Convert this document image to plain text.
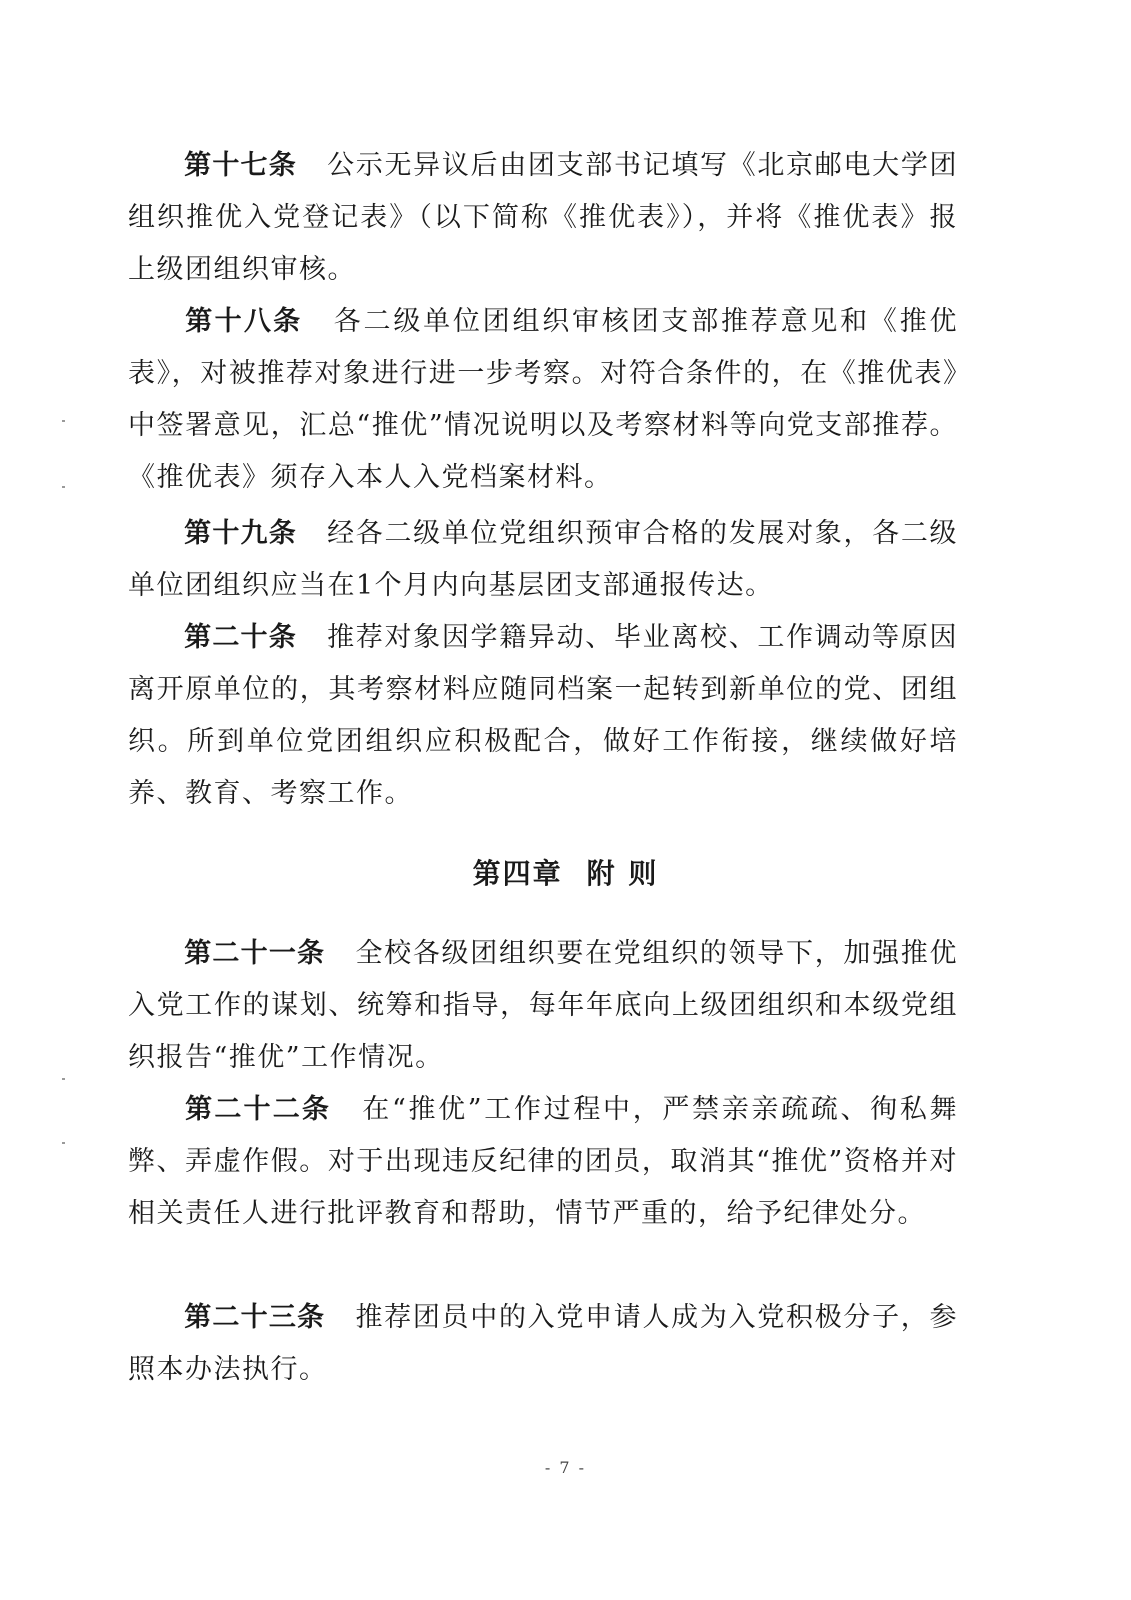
第十七条 公示无异议后由团支部书记填写《北京邮电大学团组织推优入党登记表》（以下简称《推优表》），并将《推优表》报上级团组织审核。

第十八条 各二级单位团组织审核团支部推荐意见和《推优表》，对被推荐对象进行进一步考察。对符合条件的，在《推优表》中签署意见，汇总“推优”情况说明以及考察材料等向党支部推荐。《推优表》须存入本人入党档案材料。

第十九条 经各二级单位党组织预审合格的发展对象，各二级单位团组织应当在1个月内向基层团支部通报传达。

第二十条 推荐对象因学籍异动、毕业离校、工作调动等原因离开原单位的，其考察材料应随同档案一起转到新单位的党、团组织。所到单位党团组织应积极配合，做好工作衔接，继续做好培养、教育、考察工作。

第四章 附 则

第二十一条 全校各级团组织要在党组织的领导下，加强推优入党工作的谋划、统筹和指导，每年年底向上级团组织和本级党组织报告“推优”工作情况。

第二十二条 在“推优”工作过程中，严禁亲亲疏疏、徇私舞弊、弄虚作假。对于出现违反纪律的团员，取消其“推优”资格并对相关责任人进行批评教育和帮助，情节严重的，给予纪律处分。

第二十三条 推荐团员中的入党申请人成为入党积极分子，参照本办法执行。

- 7 -
